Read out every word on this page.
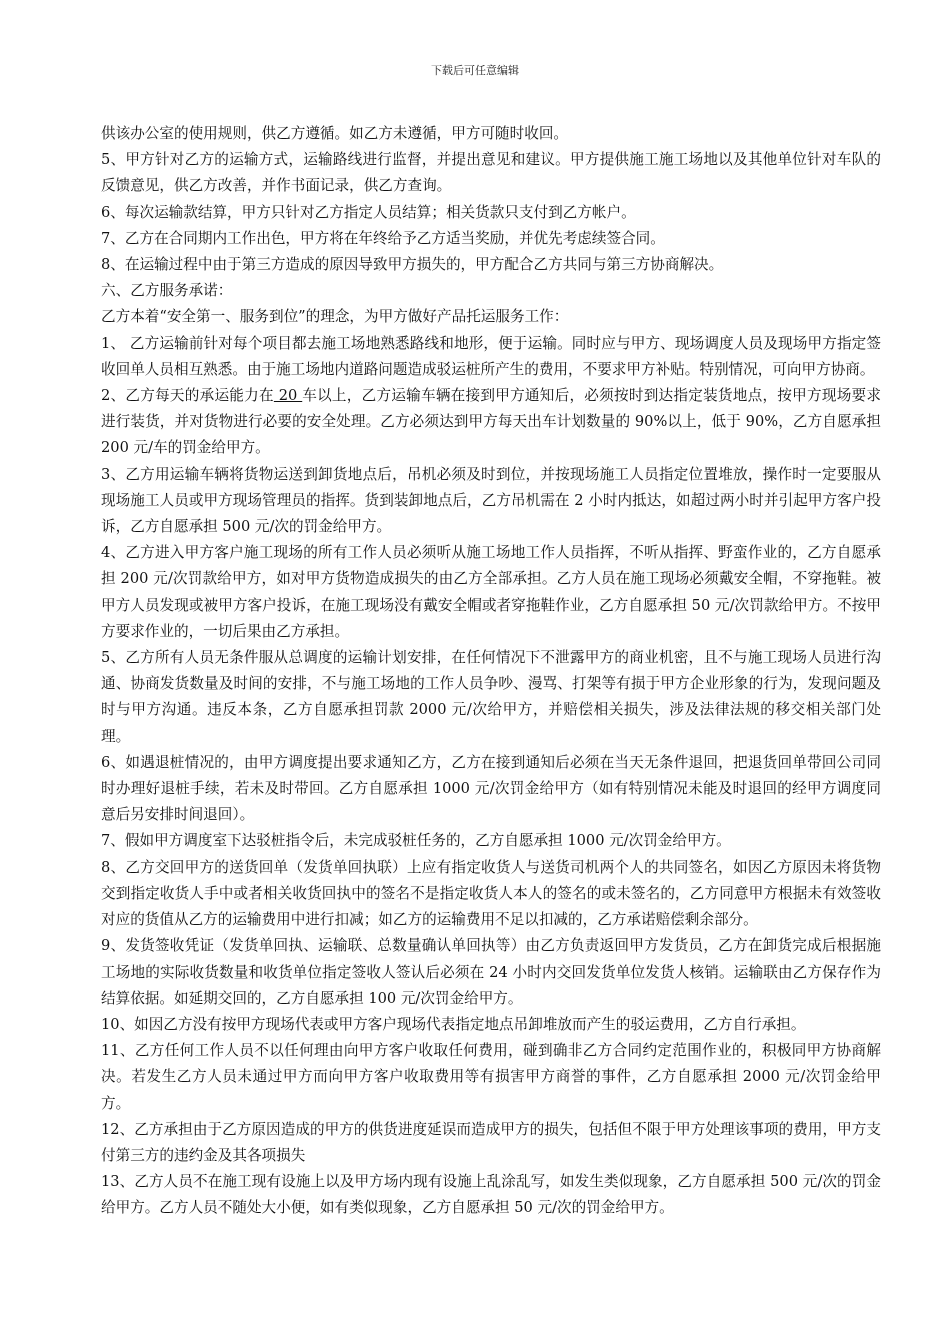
下载后可任意编辑

供该办公室的使用规则，供乙方遵循。如乙方未遵循，甲方可随时收回。

5、甲方针对乙方的运输方式，运输路线进行监督，并提出意见和建议。甲方提供施工施工场地以及其他单位针对车队的反馈意见，供乙方改善，并作书面记录，供乙方查询。

6、每次运输款结算，甲方只针对乙方指定人员结算；相关货款只支付到乙方帐户。

7、乙方在合同期内工作出色，甲方将在年终给予乙方适当奖励，并优先考虑续签合同。

8、在运输过程中由于第三方造成的原因导致甲方损失的，甲方配合乙方共同与第三方协商解决。

六、乙方服务承诺：

乙方本着“安全第一、服务到位”的理念，为甲方做好产品托运服务工作：

1、 乙方运输前针对每个项目都去施工场地熟悉路线和地形，便于运输。同时应与甲方、现场调度人员及现场甲方指定签收回单人员相互熟悉。由于施工场地内道路问题造成驳运桩所产生的费用，不要求甲方补贴。特别情况，可向甲方协商。

2、乙方每天的承运能力在 20 车以上，乙方运输车辆在接到甲方通知后，必须按时到达指定装货地点，按甲方现场要求进行装货，并对货物进行必要的安全处理。乙方必须达到甲方每天出车计划数量的 90%以上，低于 90%，乙方自愿承担 200 元/车的罚金给甲方。

3、乙方用运输车辆将货物运送到卸货地点后，吊机必须及时到位，并按现场施工人员指定位置堆放，操作时一定要服从现场施工人员或甲方现场管理员的指挥。货到装卸地点后，乙方吊机需在 2 小时内抵达，如超过两小时并引起甲方客户投诉，乙方自愿承担 500 元/次的罚金给甲方。

4、乙方进入甲方客户施工现场的所有工作人员必须听从施工场地工作人员指挥，不听从指挥、野蛮作业的，乙方自愿承担 200 元/次罚款给甲方，如对甲方货物造成损失的由乙方全部承担。乙方人员在施工现场必须戴安全帽，不穿拖鞋。被甲方人员发现或被甲方客户投诉，在施工现场没有戴安全帽或者穿拖鞋作业，乙方自愿承担 50 元/次罚款给甲方。不按甲方要求作业的，一切后果由乙方承担。

5、乙方所有人员无条件服从总调度的运输计划安排，在任何情况下不泄露甲方的商业机密，且不与施工现场人员进行沟通、协商发货数量及时间的安排，不与施工场地的工作人员争吵、漫骂、打架等有损于甲方企业形象的行为，发现问题及时与甲方沟通。违反本条，乙方自愿承担罚款 2000 元/次给甲方，并赔偿相关损失，涉及法律法规的移交相关部门处理。

6、如遇退桩情况的，由甲方调度提出要求通知乙方，乙方在接到通知后必须在当天无条件退回，把退货回单带回公司同时办理好退桩手续，若未及时带回。乙方自愿承担 1000 元/次罚金给甲方（如有特别情况未能及时退回的经甲方调度同意后另安排时间退回）。

7、假如甲方调度室下达驳桩指令后，未完成驳桩任务的，乙方自愿承担 1000 元/次罚金给甲方。

8、乙方交回甲方的送货回单（发货单回执联）上应有指定收货人与送货司机两个人的共同签名，如因乙方原因未将货物交到指定收货人手中或者相关收货回执中的签名不是指定收货人本人的签名的或未签名的，乙方同意甲方根据未有效签收对应的货值从乙方的运输费用中进行扣减；如乙方的运输费用不足以扣减的，乙方承诺赔偿剩余部分。

9、发货签收凭证（发货单回执、运输联、总数量确认单回执等）由乙方负责返回甲方发货员，乙方在卸货完成后根据施工场地的实际收货数量和收货单位指定签收人签认后必须在 24 小时内交回发货单位发货人核销。运输联由乙方保存作为结算依据。如延期交回的，乙方自愿承担 100 元/次罚金给甲方。

10、如因乙方没有按甲方现场代表或甲方客户现场代表指定地点吊卸堆放而产生的驳运费用，乙方自行承担。

11、乙方任何工作人员不以任何理由向甲方客户收取任何费用，碰到确非乙方合同约定范围作业的，积极同甲方协商解决。若发生乙方人员未通过甲方而向甲方客户收取费用等有损害甲方商誉的事件，乙方自愿承担 2000 元/次罚金给甲方。

12、乙方承担由于乙方原因造成的甲方的供货进度延误而造成甲方的损失，包括但不限于甲方处理该事项的费用，甲方支付第三方的违约金及其各项损失

13、乙方人员不在施工现有设施上以及甲方场内现有设施上乱涂乱写，如发生类似现象，乙方自愿承担 500 元/次的罚金给甲方。乙方人员不随处大小便，如有类似现象，乙方自愿承担 50 元/次的罚金给甲方。
